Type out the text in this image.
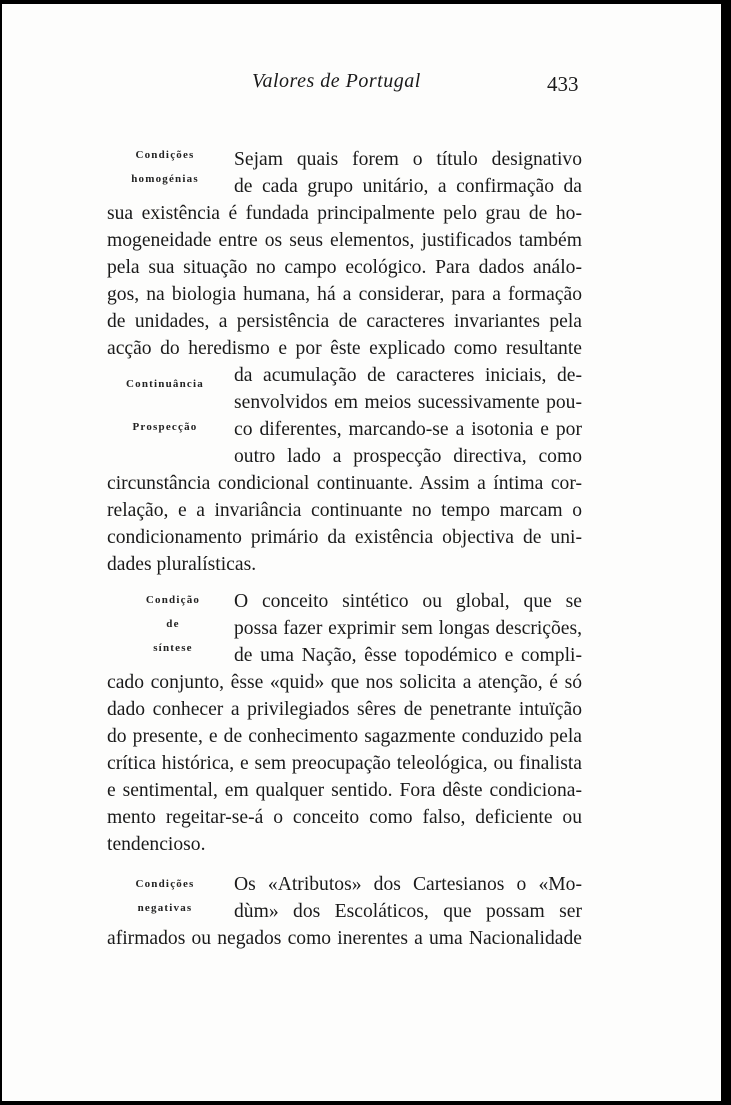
Valores de Portugal	433
Condições
homogénias
Continuância
Prospecção
Condição
de
síntese
Condições
negativas
Sejam quais forem o título designativo
de cada grupo unitário, a confirmação da
sua existência é fundada principalmente pelo grau de ho-
mogeneidade entre os seus elementos, justificados também
pela sua situação no campo ecológico. Para dados análo-
gos, na biologia humana, há a considerar, para a formação
de unidades, a persistência de caracteres invariantes pela
acção do heredismo e por êste explicado como resultante
da acumulação de caracteres iniciais, de-
senvolvidos em meios sucessivamente pou-
co diferentes, marcando-se a isotonia e por
outro lado a prospecção directiva, como
circunstância condicional continuante. Assim a íntima cor-
relação, e a invariância continuante no tempo marcam o
condicionamento primário da existência objectiva de uni-
dades pluralísticas.
O conceito sintético ou global, que se
possa fazer exprimir sem longas descrições,
de uma Nação, êsse topodémico e compli-
cado conjunto, êsse «quid» que nos solicita a atenção, é só
dado conhecer a privilegiados sêres de penetrante intuïção
do presente, e de conhecimento sagazmente conduzido pela
crítica histórica, e sem preocupação teleológica, ou finalista
e sentimental, em qualquer sentido. Fora dêste condiciona-
mento regeitar-se-á o conceito como falso, deficiente ou
tendencioso.
Os «Atributos» dos Cartesianos o «Mo-
dùm» dos Escoláticos, que possam ser
afirmados ou negados como inerentes a uma Nacionalidade
